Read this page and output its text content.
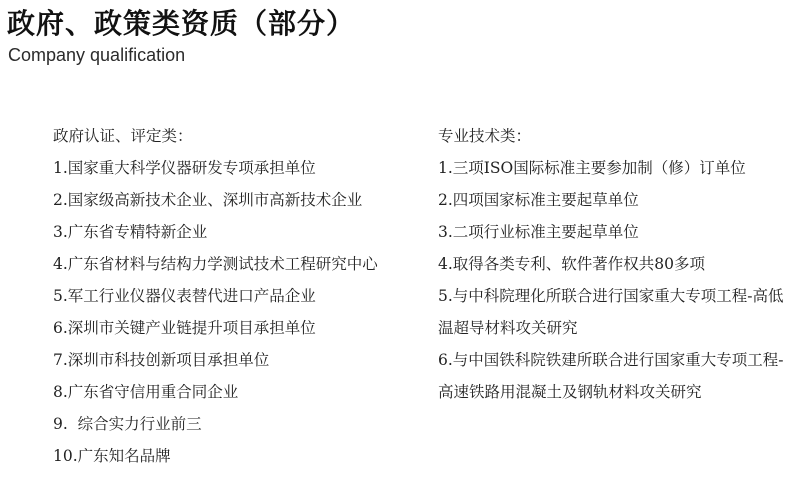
政府、政策类资质（部分）
Company qualification

政府认证、评定类：

1.国家重大科学仪器研发专项承担单位

2.国家级高新技术企业、深圳市高新技术企业

3.广东省专精特新企业

4.广东省材料与结构力学测试技术工程研究中心

5.军工行业仪器仪表替代进口产品企业

6.深圳市关键产业链提升项目承担单位

7.深圳市科技创新项目承担单位

8.广东省守信用重合同企业

9.  综合实力行业前三

10.广东知名品牌

专业技术类：

1.三项ISO国际标准主要参加制（修）订单位

2.四项国家标准主要起草单位

3.二项行业标准主要起草单位

4.取得各类专利、软件著作权共80多项

5.与中科院理化所联合进行国家重大专项工程-高低温超导材料攻关研究

6.与中国铁科院铁建所联合进行国家重大专项工程-高速铁路用混凝土及钢轨材料攻关研究
